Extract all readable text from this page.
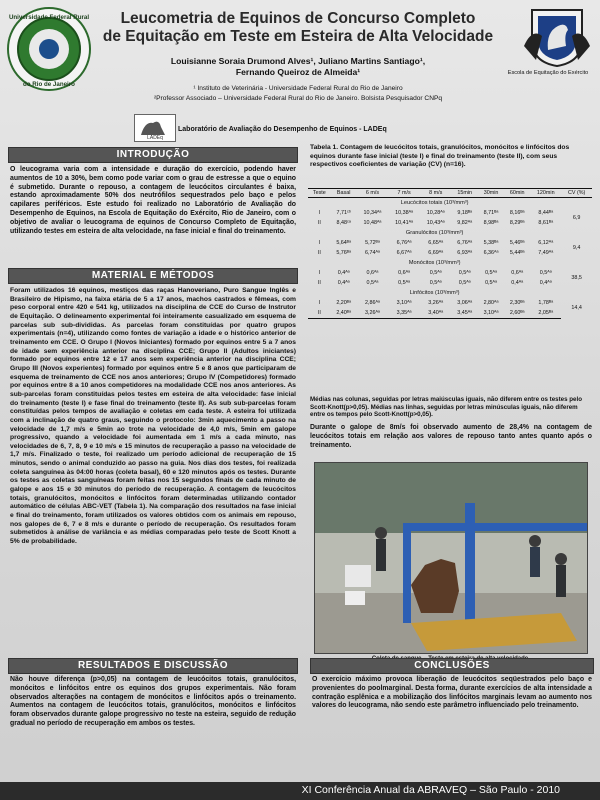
Universidade Federal Rural
do Rio de Janeiro
Escola de Equitação do Exército
Leucometria de Equinos de Concurso Completo
de Equitação em Teste em Esteira de Alta Velocidade
Louisianne Soraia Drumond Alves¹, Juliano Martins Santiago¹,
Fernando Queiroz de Almeida¹
¹ Instituto de Veterinária - Universidade Federal Rural do Rio de Janeiro
²Professor Associado – Universidade Federal Rural do Rio de Janeiro. Bolsista Pesquisador CNPq
LADEq
Laboratório de Avaliação do Desempenho de Equinos - LADEq
INTRODUÇÃO
O leucograma varia com a intensidade e duração do exercício, podendo haver aumentos de 10 a 30%, bem como pode variar com o grau de estresse a que o equino é submetido. Durante o repouso, a contagem de leucócitos circulantes é baixa, estando aproximadamente 50% dos neutrófilos sequestrados pelo baço e pelos capilares periféricos. Este estudo foi realizado no Laboratório de Avaliação do Desempenho de Equinos, na Escola de Equitação do Exército, Rio de Janeiro, com o objetivo de avaliar o leucograma de equinos de Concurso Completo de Equitação, utilizando testes em esteira de alta velocidade, na fase inicial e final do treinamento.
MATERIAL E MÉTODOS
Foram utilizados 16 equinos, mestiços das raças Hanoveriano, Puro Sangue Inglês e Brasileiro de Hipismo, na faixa etária de 5 a 17 anos, machos castrados e fêmeas, com peso corporal entre 420 e 541 kg, utilizados na disciplina de CCE do Curso de Instrutor de Equitação. O delineamento experimental foi inteiramente casualizado em esquema de parcelas sub sub-divididas. As parcelas foram constituídas por quatro grupos experimentais (n=4), utilizando como fontes de variação a idade e o histórico anterior de treinamento em CCE. O Grupo I (Novos Iniciantes) formado por equinos entre 5 a 7 anos de idade sem experiência anterior na disciplina CCE; Grupo II (Adultos iniciantes) formado por equinos entre 12 e 17 anos sem experiência anterior na disciplina CCE; Grupo III (Novos experientes) formado por equinos entre 5 e 8 anos que participaram de esquema de treinamento de CCE nos anos anteriores; Grupo IV (Competidores) formado por equinos entre 8 a 10 anos competidores na modalidade CCE nos anos anteriores. As sub-parcelas foram constituídas pelos testes em esteira de alta velocidade: fase inicial do treinamento (teste I) e fase final do treinamento (teste II). As sub sub-parcelas foram constituídas pelos tempos de avaliação e coletas em cada teste. A esteira foi utilizada com a inclinação de quatro graus, seguindo o protocolo: 3min aquecimento a passo na velocidade de 1,7 m/s e 5min ao trote na velocidade de 4,0 m/s, 5min em galope progressivo, quando a velocidade foi aumentada em 1 m/s a cada minuto, nas velocidades de 6, 7, 8, 9 e 10 m/s e 15 minutos de recuperação a passo na velocidade de 1,7 m/s. Finalizado o teste, foi realizado um período adicional de recuperação de 15 minutos, sendo o animal conduzido ao passo na guia. Nos dias dos testes, foi realizada coleta sanguínea às 04:00 horas (coleta basal), 60 e 120 minutos após os testes. Durante os testes as coletas sanguíneas foram feitas nos 15 segundos finais de cada minuto de galope e aos 15 e 30 minutos do período de recuperação. A contagem de leucócitos totais, granulócitos, monócitos e linfócitos foram determinadas utilizando contador automático de células ABC-VET (Tabela 1). Na comparação dos resultados na fase inicial e final do treinamento, foram utilizados os valores obtidos com os animais em repouso, nos galopes de 6, 7 e 8 m/s e durante o período de recuperação. Os resultados foram submetidos à análise de variância e as médias comparadas pelo teste de Scott Knott a 5% de probabilidade.
RESULTADOS E DISCUSSÃO
Não houve diferença (p>0,05) na contagem de leucócitos totais, granulócitos, monócitos e linfócitos entre os equinos dos grupos experimentais. Não foram observados alterações na contagem de monócitos e linfócitos após o treinamento. Aumentos na contagem de leucócitos totais, granulócitos, monócitos e linfócitos foram observados durante galope progressivo no teste na esteira, seguido de redução gradual no período de recuperação em ambos os testes.
Tabela 1. Contagem de leucócitos totais, granulócitos, monócitos e linfócitos dos equinos durante fase inicial (teste I) e final do treinamento (teste II), com seus respectivos coeficientes de variação (CV) (n=16).
Teste	Basal	6 m/s	7 m/s	8 m/s	15min	30min	60min	120min	CV (%)
Leucócitos totais (10³/mm³)									
I	7,71ᶜᵇ	10,34ᴬᵃ	10,38ᴬᵃ	10,28ᴬᵃ	9,18ᴮᵃ	8,71ᴮᵃ	8,16ᴮᵃ	8,44ᴮᵃ	6,9
II	8,48ᶜᵃ	10,48ᴬᵃ	10,41ᴬᵃ	10,43ᴬᵃ	9,82ᴬᵃ	8,98ᴮᵃ	8,29ᴮᵃ	8,61ᴮᵃ	
Granulócitos (10³/mm³)									
I	5,64ᴮᵃ	5,72ᴮᵃ	6,76ᴬᵃ	6,65ᴬᵃ	6,76ᴬᵃ	5,38ᴮᵃ	5,46ᴮᵃ	6,12ᴬᵃ	9,4
II	5,76ᴮᵃ	6,74ᴬᵃ	6,67ᴬᵃ	6,69ᴬᵃ	6,93ᴬᵃ	6,36ᴬᵃ	5,44ᴮᵃ	7,49ᴬᵃ	
Monócitos (10³/mm³)									
I	0,4ᴬᵃ	0,6ᴬᵃ	0,6ᴬᵃ	0,5ᴬᵃ	0,5ᴬᵃ	0,5ᴬᵃ	0,6ᴬᵃ	0,5ᴬᵃ	38,5
II	0,4ᴬᵃ	0,5ᴬᵃ	0,5ᴬᵃ	0,5ᴬᵃ	0,5ᴬᵃ	0,5ᴬᵃ	0,4ᴬᵃ	0,4ᴬᵃ	
Linfócitos (10³/mm³)									
I	2,20ᴮᵃ	2,86ᴬᵃ	3,10ᴬᵃ	3,26ᴬᵃ	3,06ᴬᵃ	2,80ᴬᵃ	2,30ᴮᵃ	1,78ᴮᵃ	14,4
II	2,40ᴮᵃ	3,26ᴬᵃ	3,35ᴬᵃ	3,40ᴬᵃ	3,45ᴬᵃ	3,10ᴬᵃ	2,60ᴮᵃ	2,05ᴮᵃ	
Médias nas colunas, seguidas por letras maiúsculas iguais, não diferem entre os testes pelo Scott-Knott(p>0,05). Médias nas linhas, seguidas por letras minúsculas iguais, não diferem entre os tempos pelo Scott-Knott(p>0,05).
Durante o galope de 8m/s foi observado aumento de 28,4% na contagem de leucócitos totais em relação aos valores de repouso tanto antes quanto após o treinamento.
CONCLUSÕES
O exercício máximo provoca liberação de leucócitos seqüestrados pelo baço e provenientes do poolmarginal. Desta forma, durante exercícios de alta intensidade a contração esplênica e a mobilização dos linfócitos marginais levam ao aumento nos valores do leucograma, não sendo este parâmetro influenciado pelo treinamento.
XI Conferência Anual da ABRAVEQ – São Paulo - 2010
